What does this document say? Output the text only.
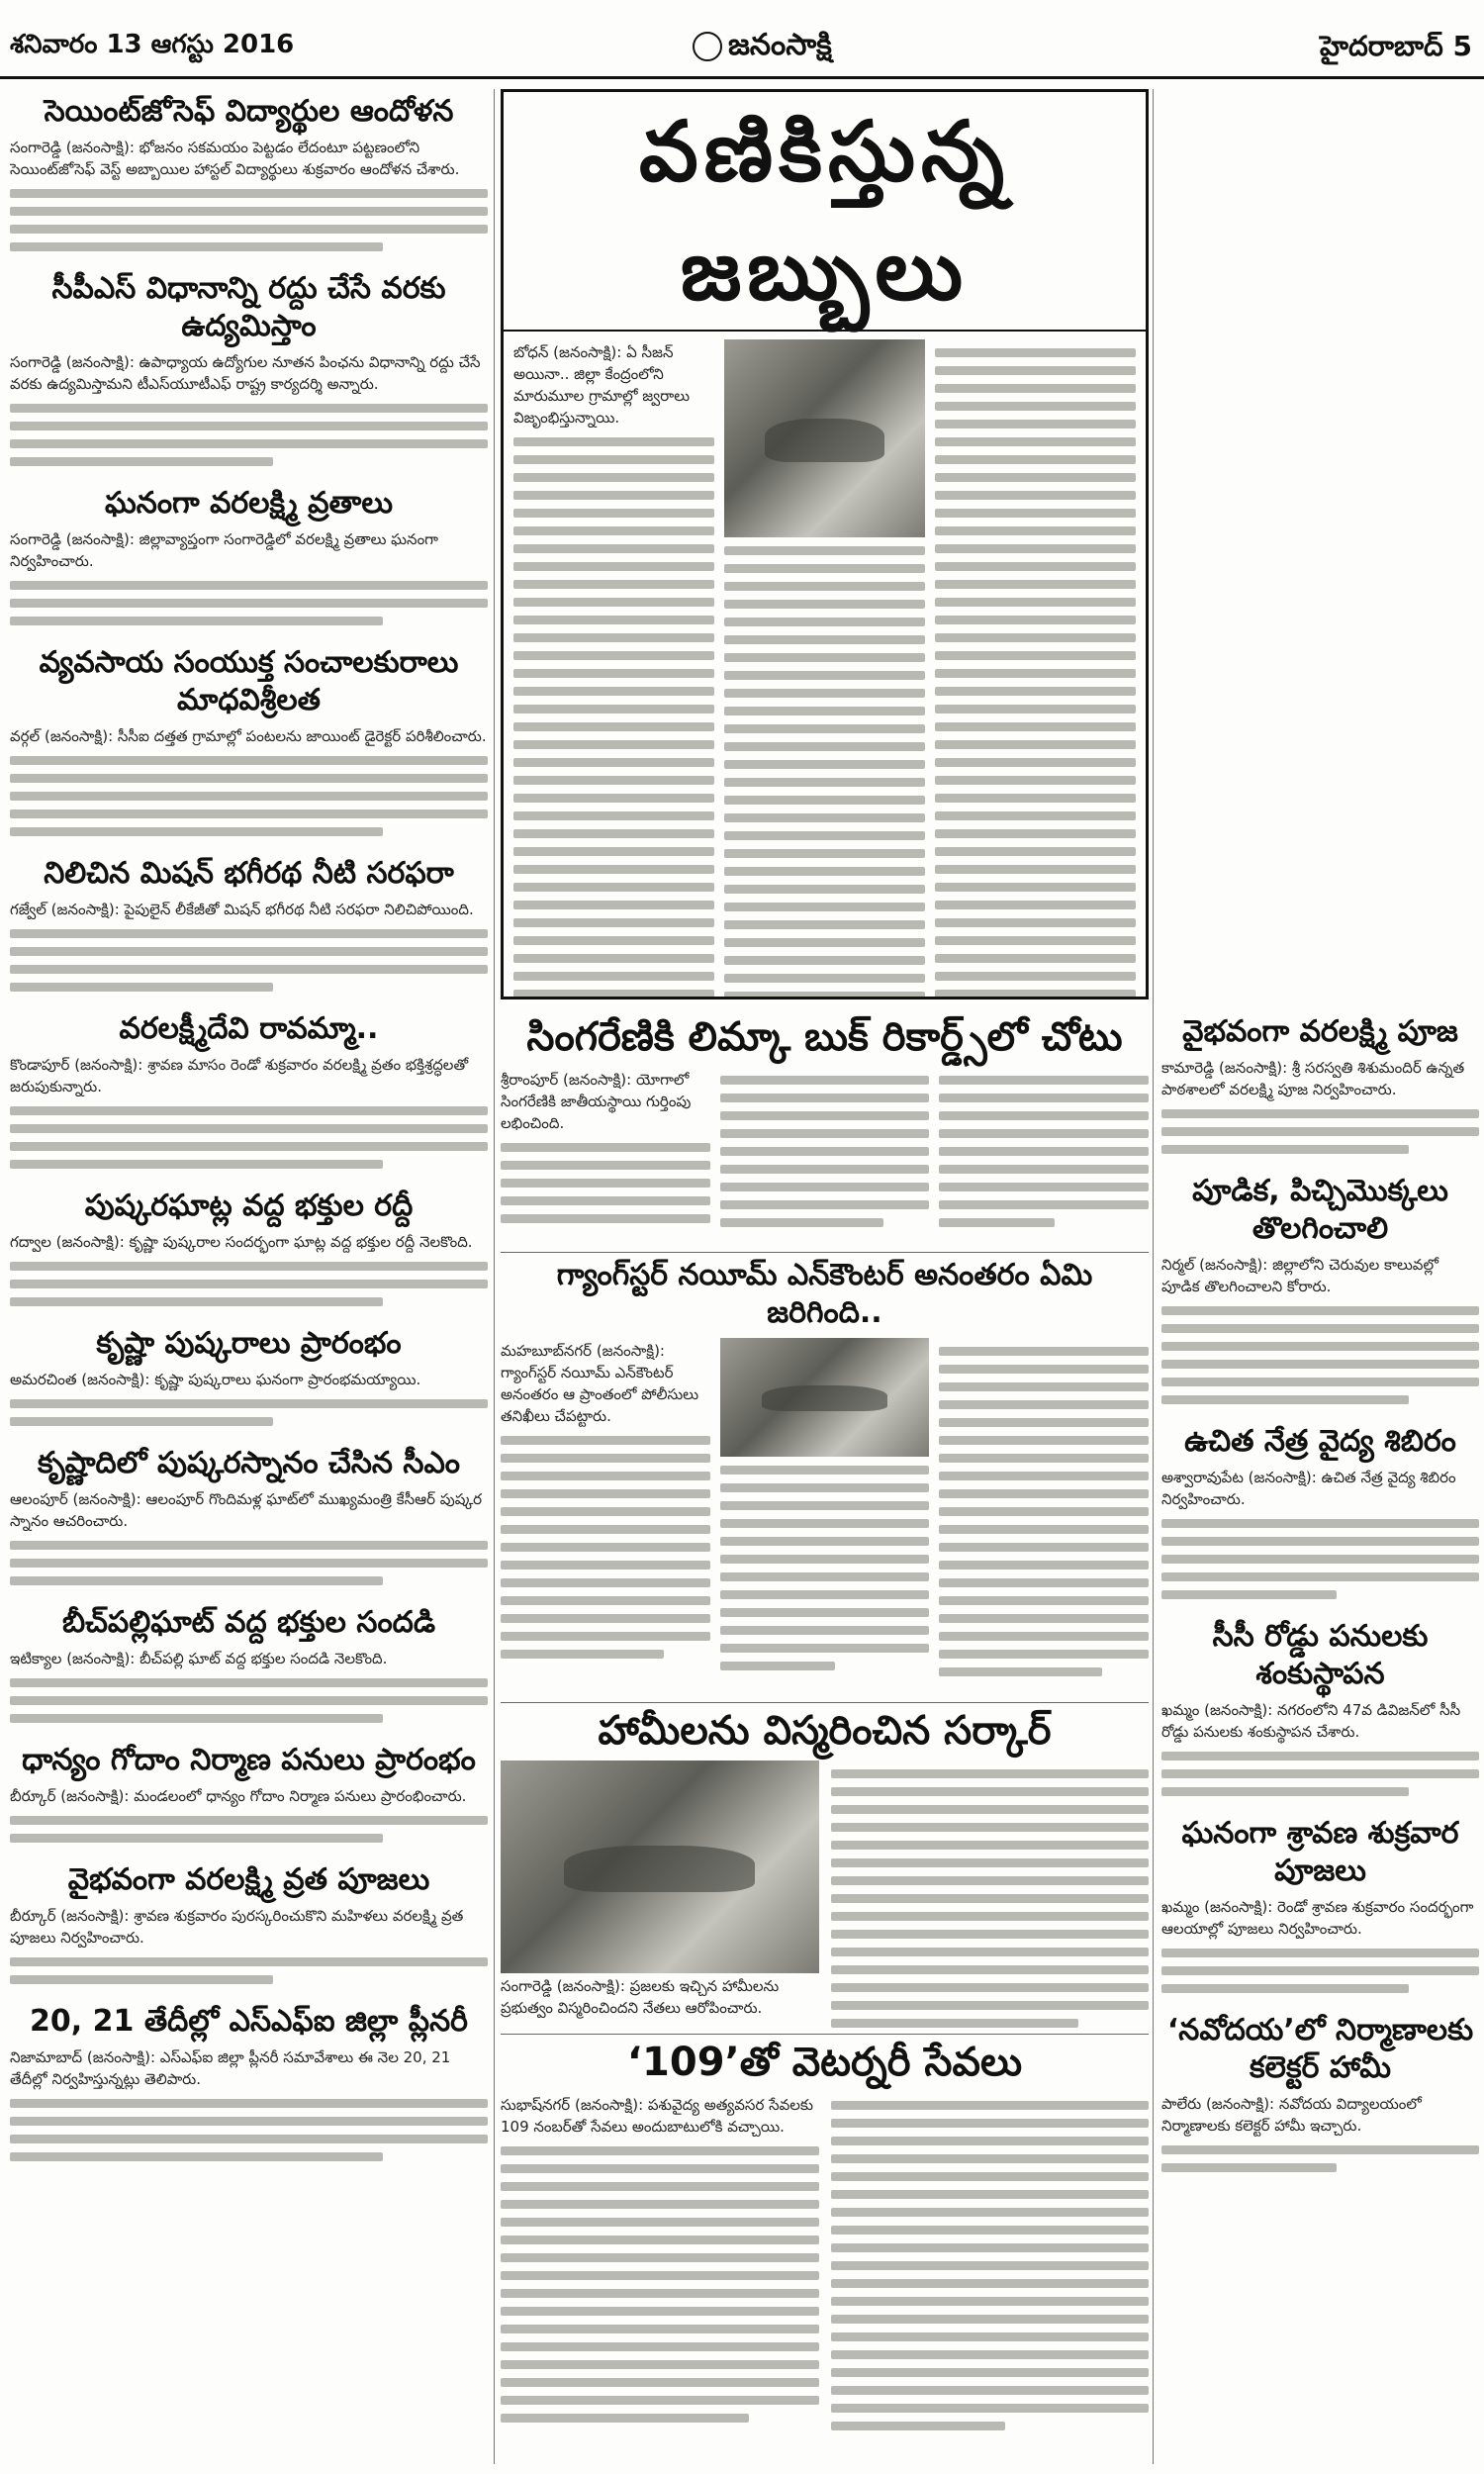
శనివారం 13 ఆగస్టు 2016	జనంసాక్షి	హైదరాబాద్ 5
సెయింట్‌జోసెఫ్‌ విద్యార్థుల ఆందోళన

సంగారెడ్డి (జనంసాక్షి): భోజనం సకమయం పెట్టడం లేదంటూ పట్టణంలోని సెయింట్‌జోసెఫ్‌ వెస్ట్‌ అబ్బాయిల హాస్టల్‌ విద్యార్థులు శుక్రవారం ఆందోళన చేశారు.

సీపీఎస్‌ విధానాన్ని రద్దు చేసే వరకు ఉద్యమిస్తాం

సంగారెడ్డి (జనంసాక్షి): ఉపాధ్యాయ ఉద్యోగుల నూతన పింఛను విధానాన్ని రద్దు చేసే వరకు ఉద్యమిస్తామని టీఎస్‌యూటీఎఫ్‌ రాష్ట్ర కార్యదర్శి అన్నారు.

ఘనంగా వరలక్ష్మి వ్రతాలు

సంగారెడ్డి (జనంసాక్షి): జిల్లావ్యాప్తంగా సంగారెడ్డిలో వరలక్ష్మి వ్రతాలు ఘనంగా నిర్వహించారు.

వ్యవసాయ సంయుక్త సంచాలకురాలు మాధవిశ్రీలత

వర్గల్‌ (జనంసాక్షి): సీసీఐ దత్తత గ్రామాల్లో పంటలను జాయింట్‌ డైరెక్టర్‌ పరిశీలించారు.

నిలిచిన మిషన్‌ భగీరథ నీటి సరఫరా

గజ్వేల్‌ (జనంసాక్షి): పైపులైన్‌ లీకేజీతో మిషన్‌ భగీరథ నీటి సరఫరా నిలిచిపోయింది.

వరలక్ష్మీదేవి రావమ్మా..

కొండాపూర్‌ (జనంసాక్షి): శ్రావణ మాసం రెండో శుక్రవారం వరలక్ష్మి వ్రతం భక్తిశ్రద్ధలతో జరుపుకున్నారు.

పుష్కరఘాట్ల వద్ద భక్తుల రద్దీ

గద్వాల (జనంసాక్షి): కృష్ణా పుష్కరాల సందర్భంగా ఘాట్ల వద్ద భక్తుల రద్దీ నెలకొంది.

కృష్ణా పుష్కరాలు ప్రారంభం

అమరచింత (జనంసాక్షి): కృష్ణా పుష్కరాలు ఘనంగా ప్రారంభమయ్యాయి.

కృష్ణాదిలో పుష్కరస్నానం చేసిన సీఎం

ఆలంపూర్‌ (జనంసాక్షి): ఆలంపూర్‌ గొందిమళ్ల ఘాట్‌లో ముఖ్యమంత్రి కేసీఆర్‌ పుష్కర స్నానం ఆచరించారు.

బీచ్‌పల్లిఘాట్‌ వద్ద భక్తుల సందడి

ఇటిక్యాల (జనంసాక్షి): బీచ్‌పల్లి ఘాట్‌ వద్ద భక్తుల సందడి నెలకొంది.

ధాన్యం గోదాం నిర్మాణ పనులు ప్రారంభం

బీర్కూర్‌ (జనంసాక్షి): మండలంలో ధాన్యం గోదాం నిర్మాణ పనులు ప్రారంభించారు.

వైభవంగా వరలక్ష్మి వ్రత పూజలు

బీర్కూర్‌ (జనంసాక్షి): శ్రావణ శుక్రవారం పురస్కరించుకొని మహిళలు వరలక్ష్మి వ్రత పూజలు నిర్వహించారు.

20, 21 తేదీల్లో ఎస్‌ఎఫ్‌ఐ జిల్లా ప్లీనరీ

నిజామాబాద్‌ (జనంసాక్షి): ఎస్‌ఎఫ్‌ఐ జిల్లా ప్లీనరీ సమావేశాలు ఈ నెల 20, 21 తేదీల్లో నిర్వహిస్తున్నట్లు తెలిపారు.

వణికిస్తున్న జబ్బులు

బోధన్‌ (జనంసాక్షి): ఏ సీజన్‌ అయినా.. జిల్లా కేంద్రంలోని మారుమూల గ్రామాల్లో జ్వరాలు విజృంభిస్తున్నాయి.

సింగరేణికి లిమ్కా బుక్‌ రికార్డ్స్‌లో చోటు

శ్రీరాంపూర్‌ (జనంసాక్షి): యోగాలో సింగరేణికి జాతీయస్థాయి గుర్తింపు లభించింది.

గ్యాంగ్‌స్టర్‌ నయీమ్‌ ఎన్‌కౌంటర్‌ అనంతరం ఏమి జరిగింది..

మహబూబ్‌నగర్‌ (జనంసాక్షి): గ్యాంగ్‌స్టర్‌ నయీమ్‌ ఎన్‌కౌంటర్‌ అనంతరం ఆ ప్రాంతంలో పోలీసులు తనిఖీలు చేపట్టారు.

హామీలను విస్మరించిన సర్కార్‌

సంగారెడ్డి (జనంసాక్షి): ప్రజలకు ఇచ్చిన హామీలను ప్రభుత్వం విస్మరించిందని నేతలు ఆరోపించారు.

‘109’తో వెటర్నరీ సేవలు

సుభాష్‌నగర్‌ (జనంసాక్షి): పశువైద్య అత్యవసర సేవలకు 109 నంబర్‌తో సేవలు అందుబాటులోకి వచ్చాయి.

వైభవంగా వరలక్ష్మి పూజ

కామారెడ్డి (జనంసాక్షి): శ్రీ సరస్వతి శిశుమందిర్‌ ఉన్నత పాఠశాలలో వరలక్ష్మి పూజ నిర్వహించారు.

పూడిక, పిచ్చిమొక్కలు తొలగించాలి

నిర్మల్‌ (జనంసాక్షి): జిల్లాలోని చెరువుల కాలువల్లో పూడిక తొలగించాలని కోరారు.

ఉచిత నేత్ర వైద్య శిబిరం

అశ్వారావుపేట (జనంసాక్షి): ఉచిత నేత్ర వైద్య శిబిరం నిర్వహించారు.

సీసీ రోడ్డు పనులకు శంకుస్థాపన

ఖమ్మం (జనంసాక్షి): నగరంలోని 47వ డివిజన్‌లో సీసీ రోడ్డు పనులకు శంకుస్థాపన చేశారు.

ఘనంగా శ్రావణ శుక్రవార పూజలు

ఖమ్మం (జనంసాక్షి): రెండో శ్రావణ శుక్రవారం సందర్భంగా ఆలయాల్లో పూజలు నిర్వహించారు.

‘నవోదయ’లో నిర్మాణాలకు కలెక్టర్‌ హామీ

పాలేరు (జనంసాక్షి): నవోదయ విద్యాలయంలో నిర్మాణాలకు కలెక్టర్‌ హామీ ఇచ్చారు.
